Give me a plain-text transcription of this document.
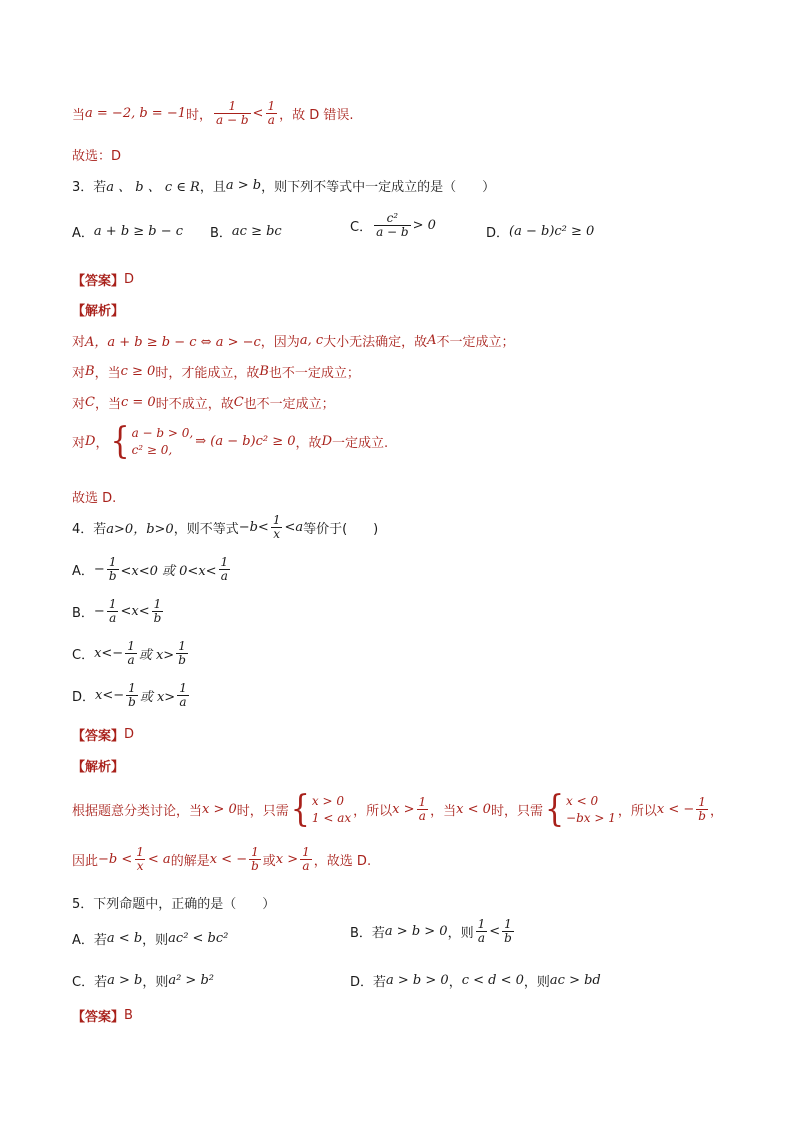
当 a = −2, b = −1 时， $\frac{1}{a - b} < \frac{1}{a}$ ，故 D 错误.
故选：D
3．若 a 、 b 、 c ∈ R ，且 a > b ，则下列不等式中一定成立的是（　　）
A． a + b ≥ b − c B． ac ≥ bc	C． $\frac{\text{c²}}{a - b} > 0$
D． (a − b)c² ≥ 0
【答案】 D
【解析】
对 A，a + b ≥ b − c ⇔ a > −c ，因为 a, c 大小无法确定，故 A 不一定成立；
对 B ，当 c ≥ 0 时，才能成立，故 B 也不一定成立；
对 C ，当 c = 0 时不成立，故 C 也不一定成立；
对 D ， { a − b > 0,
c² ≥ 0,
⇒ (a − b)c² ≥ 0 ，故 D 一定成立.
故选 D.
4．若 a>0，b>0 ，则不等式 $-b< \frac{1}{x} <a$ 等价于(　　)
A． − $\frac{1}{b} <x<0$ 或 $0<x< \frac{1}{a}$
B． − $\frac{1}{a} <x< \frac{1}{b}$
C． $x<- \frac{1}{a}$ 或 $x> \frac{1}{b}$
D． $x<- \frac{1}{b}$ 或 $x> \frac{1}{a}$
【答案】 D
【解析】
根据题意分类讨论，当 x > 0 时，只需 { x > 0
1 < ax ，所以 $x > \frac{1}{a}$ ，当 x < 0 时，只需 { x < 0
−bx > 1 ，所以 x < − $\frac{1}{b}$ ，
因此 $-b < \frac{1}{x} < a$ 的解是 x < − $\frac{1}{b}$ 或 $x > \frac{1}{a}$ ，故选 D.
5．下列命题中，正确的是（　　）
A．若 a < b ，则 ac² < bc²	B．若 a > b > 0 ，则 $\frac{1}{a} < \frac{1}{b}$
C．若 a > b ，则 a² > b²	D．若 a > b > 0 ， c < d < 0 ，则 ac > bd
【答案】 B
